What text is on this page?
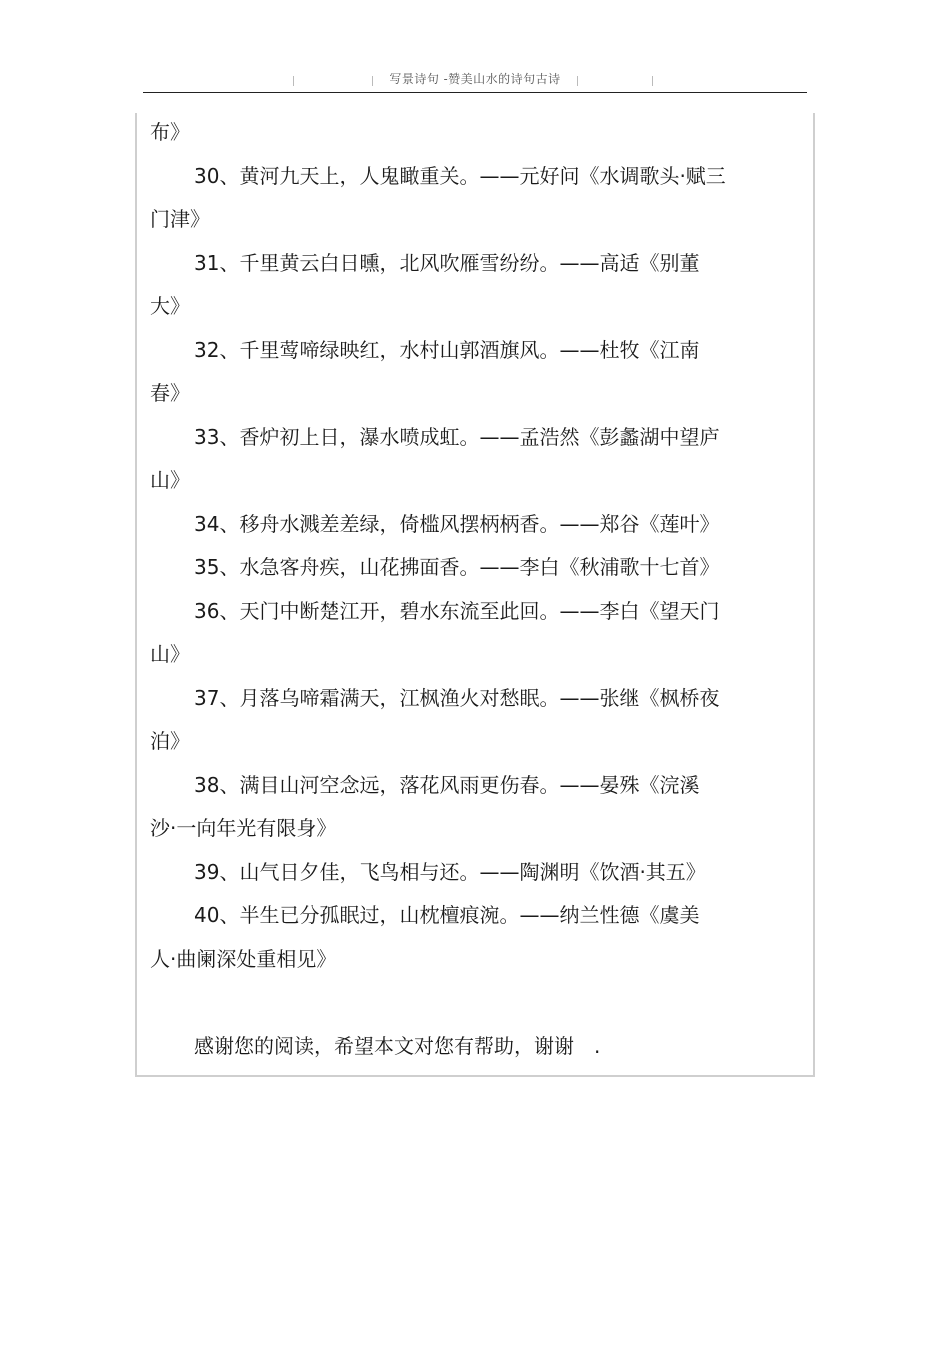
写景诗句 -赞美山水的诗句古诗
布》
30、黄河九天上，人鬼瞰重关。——元好问《水调歌头·赋三
门津》
31、千里黄云白日曛，北风吹雁雪纷纷。——高适《别董
大》
32、千里莺啼绿映红，水村山郭酒旗风。——杜牧《江南
春》
33、香炉初上日，瀑水喷成虹。——孟浩然《彭蠡湖中望庐
山》
34、移舟水溅差差绿，倚槛风摆柄柄香。——郑谷《莲叶》
35、水急客舟疾，山花拂面香。——李白《秋浦歌十七首》
36、天门中断楚江开，碧水东流至此回。——李白《望天门
山》
37、月落乌啼霜满天，江枫渔火对愁眠。——张继《枫桥夜
泊》
38、满目山河空念远，落花风雨更伤春。——晏殊《浣溪
沙·一向年光有限身》
39、山气日夕佳，飞鸟相与还。——陶渊明《饮酒·其五》
40、半生已分孤眠过，山枕檀痕涴。——纳兰性德《虞美
人·曲阑深处重相见》
感谢您的阅读，希望本文对您有帮助，谢谢　.
